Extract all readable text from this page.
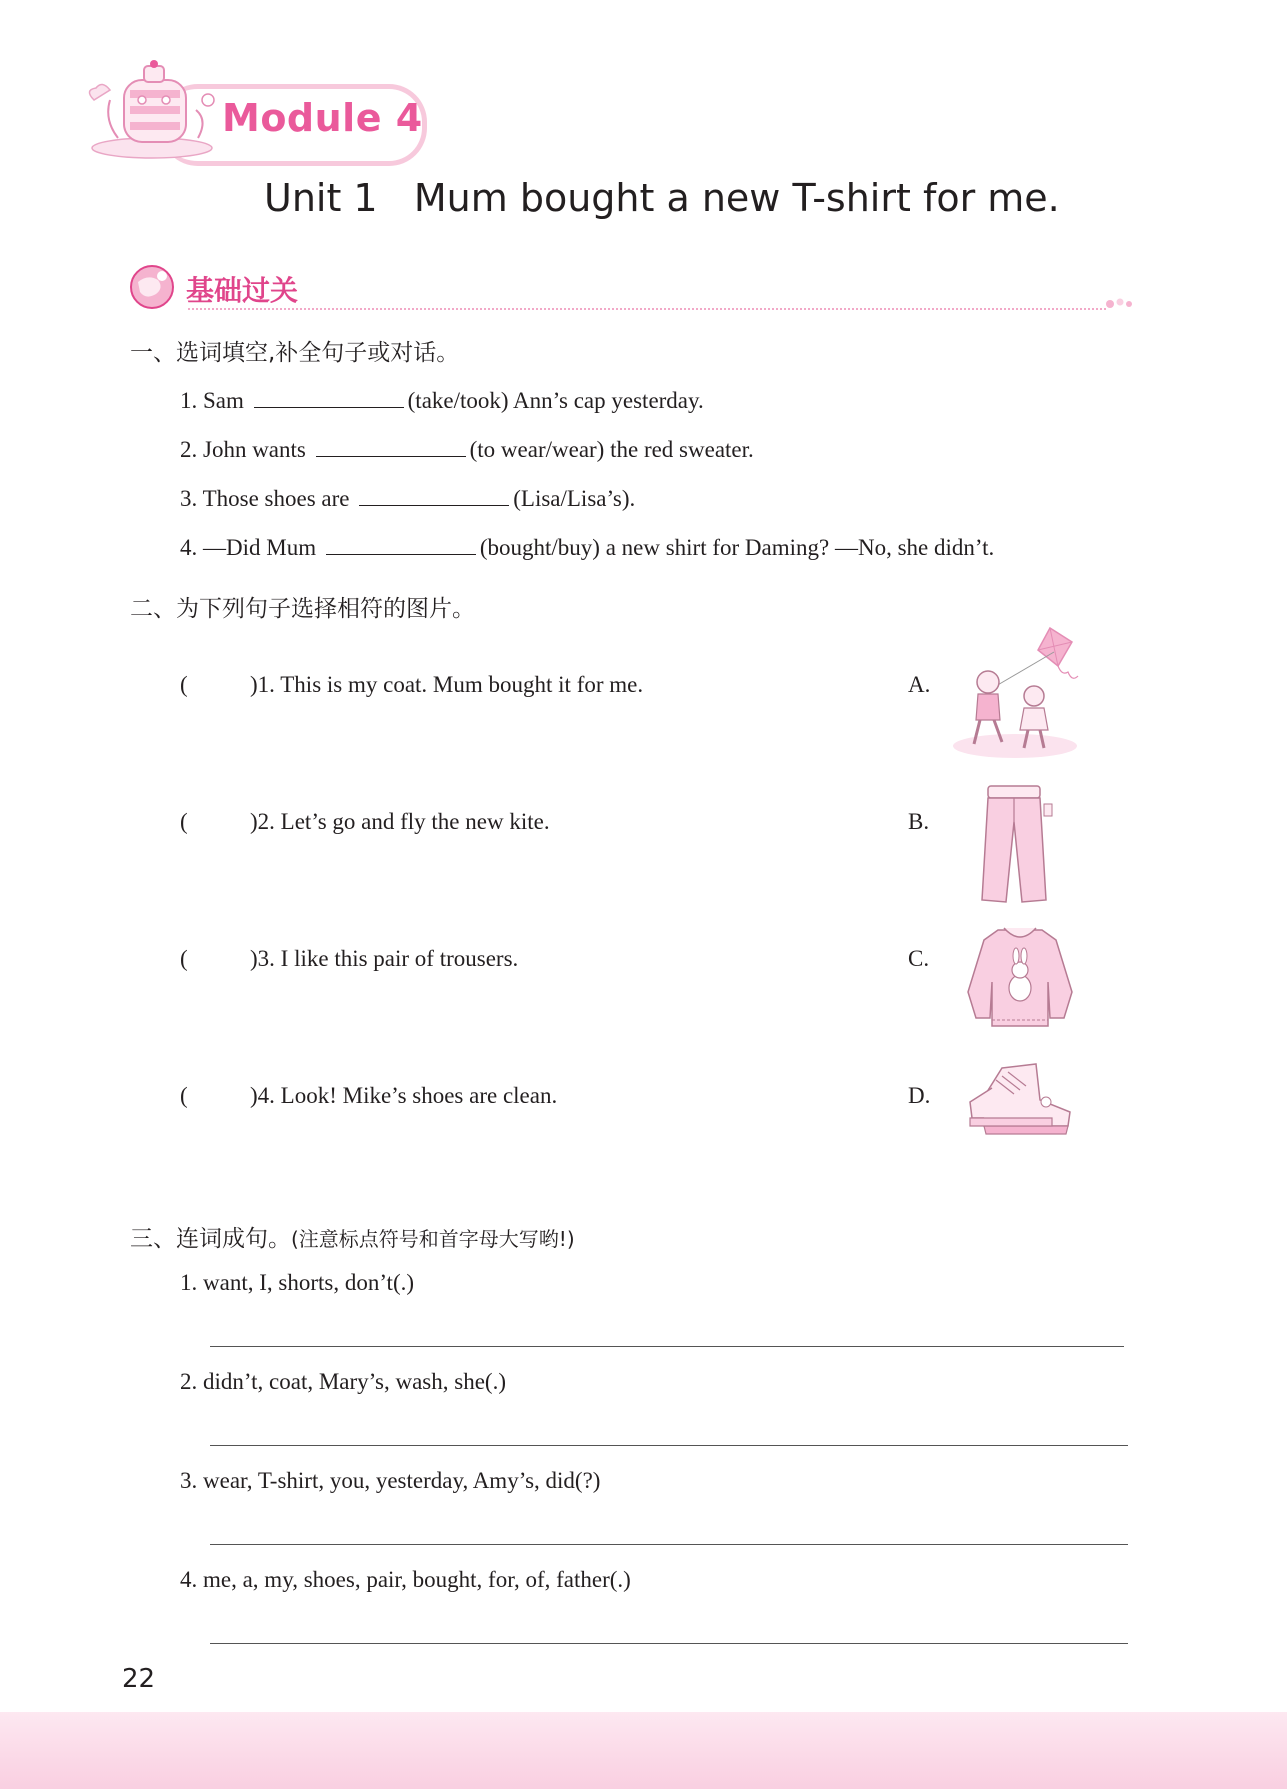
Module 4
Unit 1 Mum bought a new T-shirt for me.
基础过关
一、选词填空,补全句子或对话。
1. Sam	(take/took) Ann’s cap yesterday.
2. John wants	(to wear/wear) the red sweater.
3. Those shoes are	(Lisa/Lisa’s).
4. —Did Mum	(bought/buy) a new shirt for Daming? —No, she didn’t.
二、为下列句子选择相符的图片。
(	)1. This is my coat. Mum bought it for me.	A.
(	)2. Let’s go and fly the new kite.	B.
(	)3. I like this pair of trousers.	C.
(	)4. Look! Mike’s shoes are clean.	D.
三、连词成句。(注意标点符号和首字母大写哟!)
1. want, I, shorts, don’t(.)
2. didn’t, coat, Mary’s, wash, she(.)
3. wear, T-shirt, you, yesterday, Amy’s, did(?)
4. me, a, my, shoes, pair, bought, for, of, father(.)
22
